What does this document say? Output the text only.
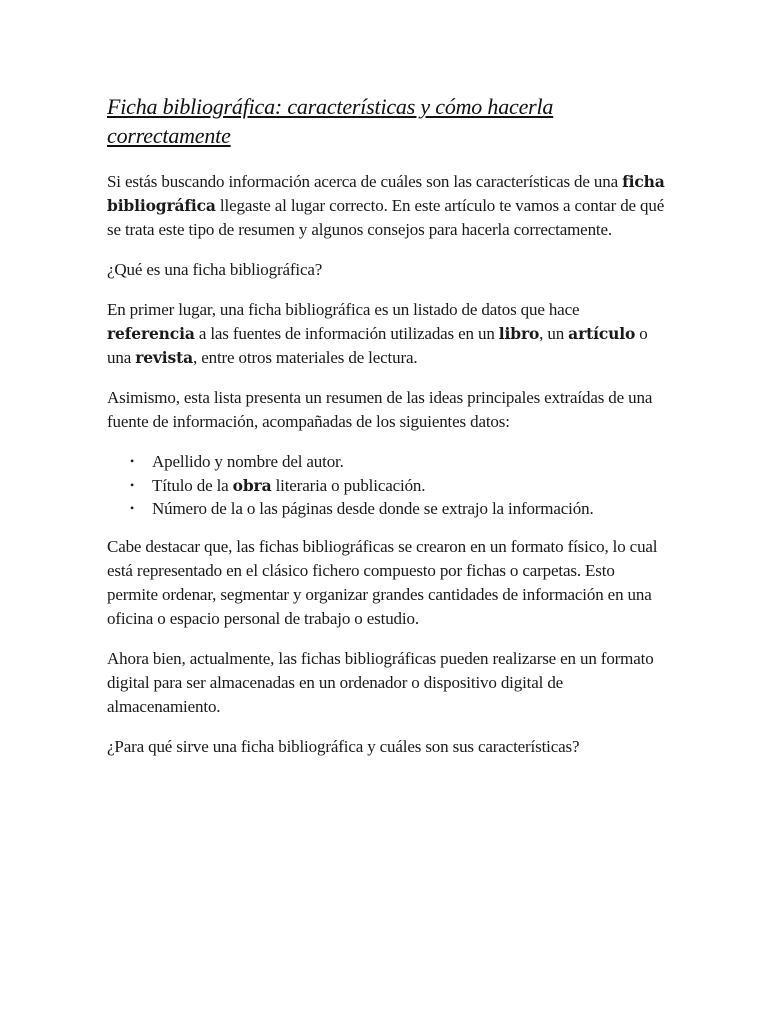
Ficha bibliográfica: características y cómo hacerla correctamente

Si estás buscando información acerca de cuáles son las características de una ficha bibliográfica llegaste al lugar correcto. En este artículo te vamos a contar de qué se trata este tipo de resumen y algunos consejos para hacerla correctamente.

¿Qué es una ficha bibliográfica?

En primer lugar, una ficha bibliográfica es un listado de datos que hace referencia a las fuentes de información utilizadas en un libro, un artículo o una revista, entre otros materiales de lectura.

Asimismo, esta lista presenta un resumen de las ideas principales extraídas de una fuente de información, acompañadas de los siguientes datos:

• Apellido y nombre del autor.
• Título de la obra literaria o publicación.
• Número de la o las páginas desde donde se extrajo la información.

Cabe destacar que, las fichas bibliográficas se crearon en un formato físico, lo cual está representado en el clásico fichero compuesto por fichas o carpetas. Esto permite ordenar, segmentar y organizar grandes cantidades de información en una oficina o espacio personal de trabajo o estudio.

Ahora bien, actualmente, las fichas bibliográficas pueden realizarse en un formato digital para ser almacenadas en un ordenador o dispositivo digital de almacenamiento.

¿Para qué sirve una ficha bibliográfica y cuáles son sus características?
